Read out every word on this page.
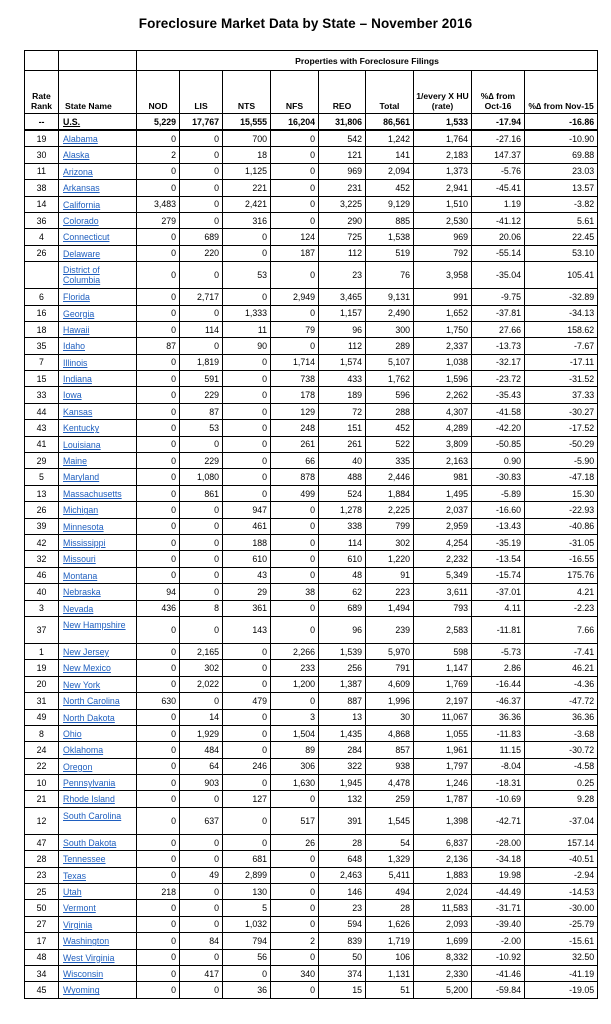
Foreclosure Market Data by State – November 2016
		Properties with Foreclosure Filings								
Rate Rank	State Name	NOD	LIS	NTS	NFS	REO	Total	1/every X HU (rate)	%∆ from Oct-16	%∆ from Nov-15
--	U.S.	5,229	17,767	15,555	16,204	31,806	86,561	1,533	-17.94	-16.86
19	Alabama	0	0	700	0	542	1,242	1,764	-27.16	-10.90
30	Alaska	2	0	18	0	121	141	2,183	147.37	69.88
11	Arizona	0	0	1,125	0	969	2,094	1,373	-5.76	23.03
38	Arkansas	0	0	221	0	231	452	2,941	-45.41	13.57
14	California	3,483	0	2,421	0	3,225	9,129	1,510	1.19	-3.82
36	Colorado	279	0	316	0	290	885	2,530	-41.12	5.61
4	Connecticut	0	689	0	124	725	1,538	969	20.06	22.45
26	Delaware	0	220	0	187	112	519	792	-55.14	53.10
	District of Columbia	0	0	53	0	23	76	3,958	-35.04	105.41
6	Florida	0	2,717	0	2,949	3,465	9,131	991	-9.75	-32.89
16	Georgia	0	0	1,333	0	1,157	2,490	1,652	-37.81	-34.13
18	Hawaii	0	114	11	79	96	300	1,750	27.66	158.62
35	Idaho	87	0	90	0	112	289	2,337	-13.73	-7.67
7	Illinois	0	1,819	0	1,714	1,574	5,107	1,038	-32.17	-17.11
15	Indiana	0	591	0	738	433	1,762	1,596	-23.72	-31.52
33	Iowa	0	229	0	178	189	596	2,262	-35.43	37.33
44	Kansas	0	87	0	129	72	288	4,307	-41.58	-30.27
43	Kentucky	0	53	0	248	151	452	4,289	-42.20	-17.52
41	Louisiana	0	0	0	261	261	522	3,809	-50.85	-50.29
29	Maine	0	229	0	66	40	335	2,163	0.90	-5.90
5	Maryland	0	1,080	0	878	488	2,446	981	-30.83	-47.18
13	Massachusetts	0	861	0	499	524	1,884	1,495	-5.89	15.30
26	Michigan	0	0	947	0	1,278	2,225	2,037	-16.60	-22.93
39	Minnesota	0	0	461	0	338	799	2,959	-13.43	-40.86
42	Mississippi	0	0	188	0	114	302	4,254	-35.19	-31.05
32	Missouri	0	0	610	0	610	1,220	2,232	-13.54	-16.55
46	Montana	0	0	43	0	48	91	5,349	-15.74	175.76
40	Nebraska	94	0	29	38	62	223	3,611	-37.01	4.21
3	Nevada	436	8	361	0	689	1,494	793	4.11	-2.23
37	New Hampshire	0	0	143	0	96	239	2,583	-11.81	7.66
1	New Jersey	0	2,165	0	2,266	1,539	5,970	598	-5.73	-7.41
19	New Mexico	0	302	0	233	256	791	1,147	2.86	46.21
20	New York	0	2,022	0	1,200	1,387	4,609	1,769	-16.44	-4.36
31	North Carolina	630	0	479	0	887	1,996	2,197	-46.37	-47.72
49	North Dakota	0	14	0	3	13	30	11,067	36.36	36.36
8	Ohio	0	1,929	0	1,504	1,435	4,868	1,055	-11.83	-3.68
24	Oklahoma	0	484	0	89	284	857	1,961	11.15	-30.72
22	Oregon	0	64	246	306	322	938	1,797	-8.04	-4.58
10	Pennsylvania	0	903	0	1,630	1,945	4,478	1,246	-18.31	0.25
21	Rhode Island	0	0	127	0	132	259	1,787	-10.69	9.28
12	South Carolina	0	637	0	517	391	1,545	1,398	-42.71	-37.04
47	South Dakota	0	0	0	26	28	54	6,837	-28.00	157.14
28	Tennessee	0	0	681	0	648	1,329	2,136	-34.18	-40.51
23	Texas	0	49	2,899	0	2,463	5,411	1,883	19.98	-2.94
25	Utah	218	0	130	0	146	494	2,024	-44.49	-14.53
50	Vermont	0	0	5	0	23	28	11,583	-31.71	-30.00
27	Virginia	0	0	1,032	0	594	1,626	2,093	-39.40	-25.79
17	Washington	0	84	794	2	839	1,719	1,699	-2.00	-15.61
48	West Virginia	0	0	56	0	50	106	8,332	-10.92	32.50
34	Wisconsin	0	417	0	340	374	1,131	2,330	-41.46	-41.19
45	Wyoming	0	0	36	0	15	51	5,200	-59.84	-19.05
